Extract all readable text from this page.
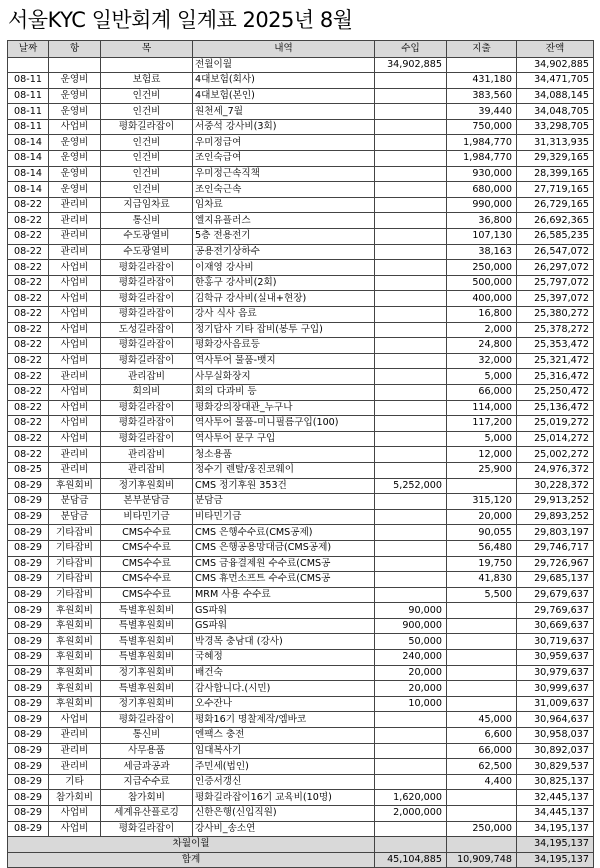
서울KYC 일반회계 일계표 2025년 8월
날짜	항	목	내역	수입	지출	잔액
			전월이월	34,902,885		34,902,885
08-11	운영비	보험료	4대보험(회사)		431,180	34,471,705
08-11	운영비	인건비	4대보험(본인)		383,560	34,088,145
08-11	운영비	인건비	원천세_7월		39,440	34,048,705
08-11	사업비	평화길라잡이	서중석 강사비(3회)		750,000	33,298,705
08-14	운영비	인건비	우미정급여		1,984,770	31,313,935
08-14	운영비	인건비	조인숙급여		1,984,770	29,329,165
08-14	운영비	인건비	우미정근속직책		930,000	28,399,165
08-14	운영비	인건비	조인숙근속		680,000	27,719,165
08-22	관리비	지급임차료	임차료		990,000	26,729,165
08-22	관리비	통신비	엘지유플러스		36,800	26,692,365
08-22	관리비	수도광열비	5층 전용전기		107,130	26,585,235
08-22	관리비	수도광열비	공용전기상하수		38,163	26,547,072
08-22	사업비	평화길라잡이	이재영 강사비		250,000	26,297,072
08-22	사업비	평화길라잡이	한홍구 강사비(2회)		500,000	25,797,072
08-22	사업비	평화길라잡이	김학규 강사비(실내+현장)		400,000	25,397,072
08-22	사업비	평화길라잡이	강사 식사 음료		16,800	25,380,272
08-22	사업비	도성길라잡이	정기답사 기타 잡비(봉투 구입)		2,000	25,378,272
08-22	사업비	평화길라잡이	평화강사음료등		24,800	25,353,472
08-22	사업비	평화길라잡이	역사투어 물품-뱃지		32,000	25,321,472
08-22	관리비	관리잡비	사무실화장지		5,000	25,316,472
08-22	사업비	회의비	회의 다과비 등		66,000	25,250,472
08-22	사업비	평화길라잡이	평화강의장대관_누구나		114,000	25,136,472
08-22	사업비	평화길라잡이	역사투어 물품-미니필름구입(100)		117,200	25,019,272
08-22	사업비	평화길라잡이	역사투어 문구 구입		5,000	25,014,272
08-22	관리비	관리잡비	청소용품		12,000	25,002,272
08-25	관리비	관리잡비	정수기 렌탈/웅진코웨이		25,900	24,976,372
08-29	후원회비	정기후원회비	CMS 정기후원 353건	5,252,000		30,228,372
08-29	분담금	본부분담금	분담금		315,120	29,913,252
08-29	분담금	비타민기금	비타민기금		20,000	29,893,252
08-29	기타잡비	CMS수수료	CMS 은행수수료(CMS공제)		90,055	29,803,197
08-29	기타잡비	CMS수수료	CMS 은행공용망대금(CMS공제)		56,480	29,746,717
08-29	기타잡비	CMS수수료	CMS 금융결제원 수수료(CMS공		19,750	29,726,967
08-29	기타잡비	CMS수수료	CMS 휴먼소프트 수수료(CMS공		41,830	29,685,137
08-29	기타잡비	CMS수수료	MRM 사용 수수료		5,500	29,679,637
08-29	후원회비	특별후원회비	GS파워	90,000		29,769,637
08-29	후원회비	특별후원회비	GS파워	900,000		30,669,637
08-29	후원회비	특별후원회비	박경목 충남대 (강사)	50,000		30,719,637
08-29	후원회비	특별후원회비	국혜정	240,000		30,959,637
08-29	후원회비	정기후원회비	배건숙	20,000		30,979,637
08-29	후원회비	특별후원회비	감사합니다.(시민)	20,000		30,999,637
08-29	후원회비	정기후원회비	오수잔나	10,000		31,009,637
08-29	사업비	평화길라잡이	평화16기 명찰제작/엠바코		45,000	30,964,637
08-29	관리비	통신비	엔팩스 충전		6,600	30,958,037
08-29	관리비	사무용품	임대복사기		66,000	30,892,037
08-29	관리비	세금과공과	주민세(법인)		62,500	30,829,537
08-29	기타	지급수수료	인증서갱신		4,400	30,825,137
08-29	참가회비	참가회비	평화길라잡이16기 교육비(10명)	1,620,000		32,445,137
08-29	사업비	세계유산플로깅	신한은행(신입직원)	2,000,000		34,445,137
08-29	사업비	평화길라잡이	강사비_송소연		250,000	34,195,137
차월이월						34,195,137
합계				45,104,885	10,909,748	34,195,137
